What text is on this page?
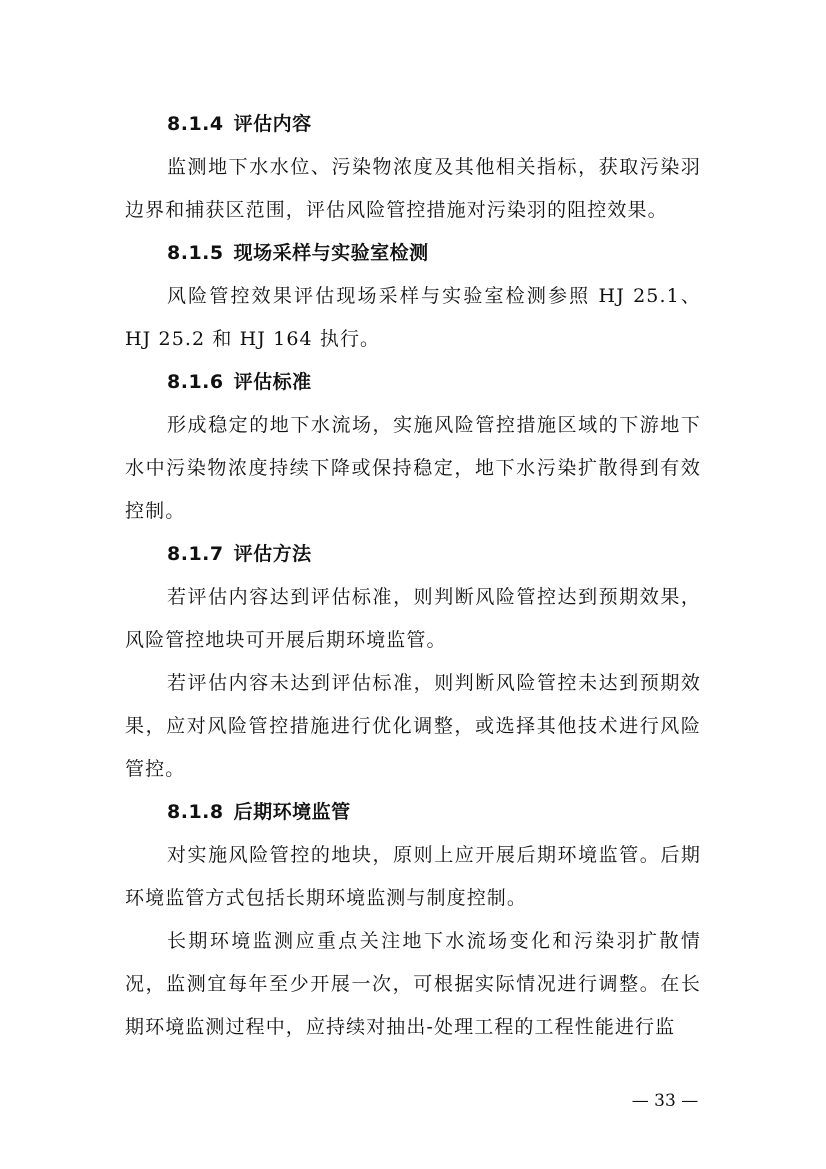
8.1.4 评估内容

监测地下水水位、污染物浓度及其他相关指标，获取污染羽边界和捕获区范围，评估风险管控措施对污染羽的阻控效果。

8.1.5 现场采样与实验室检测

风险管控效果评估现场采样与实验室检测参照 HJ 25.1、HJ 25.2 和 HJ 164 执行。

8.1.6 评估标准

形成稳定的地下水流场，实施风险管控措施区域的下游地下水中污染物浓度持续下降或保持稳定，地下水污染扩散得到有效控制。

8.1.7 评估方法

若评估内容达到评估标准，则判断风险管控达到预期效果，风险管控地块可开展后期环境监管。

若评估内容未达到评估标准，则判断风险管控未达到预期效果，应对风险管控措施进行优化调整，或选择其他技术进行风险管控。

8.1.8 后期环境监管

对实施风险管控的地块，原则上应开展后期环境监管。后期环境监管方式包括长期环境监测与制度控制。

长期环境监测应重点关注地下水流场变化和污染羽扩散情况，监测宜每年至少开展一次，可根据实际情况进行调整。在长期环境监测过程中，应持续对抽出-处理工程的工程性能进行监

— 33 —
